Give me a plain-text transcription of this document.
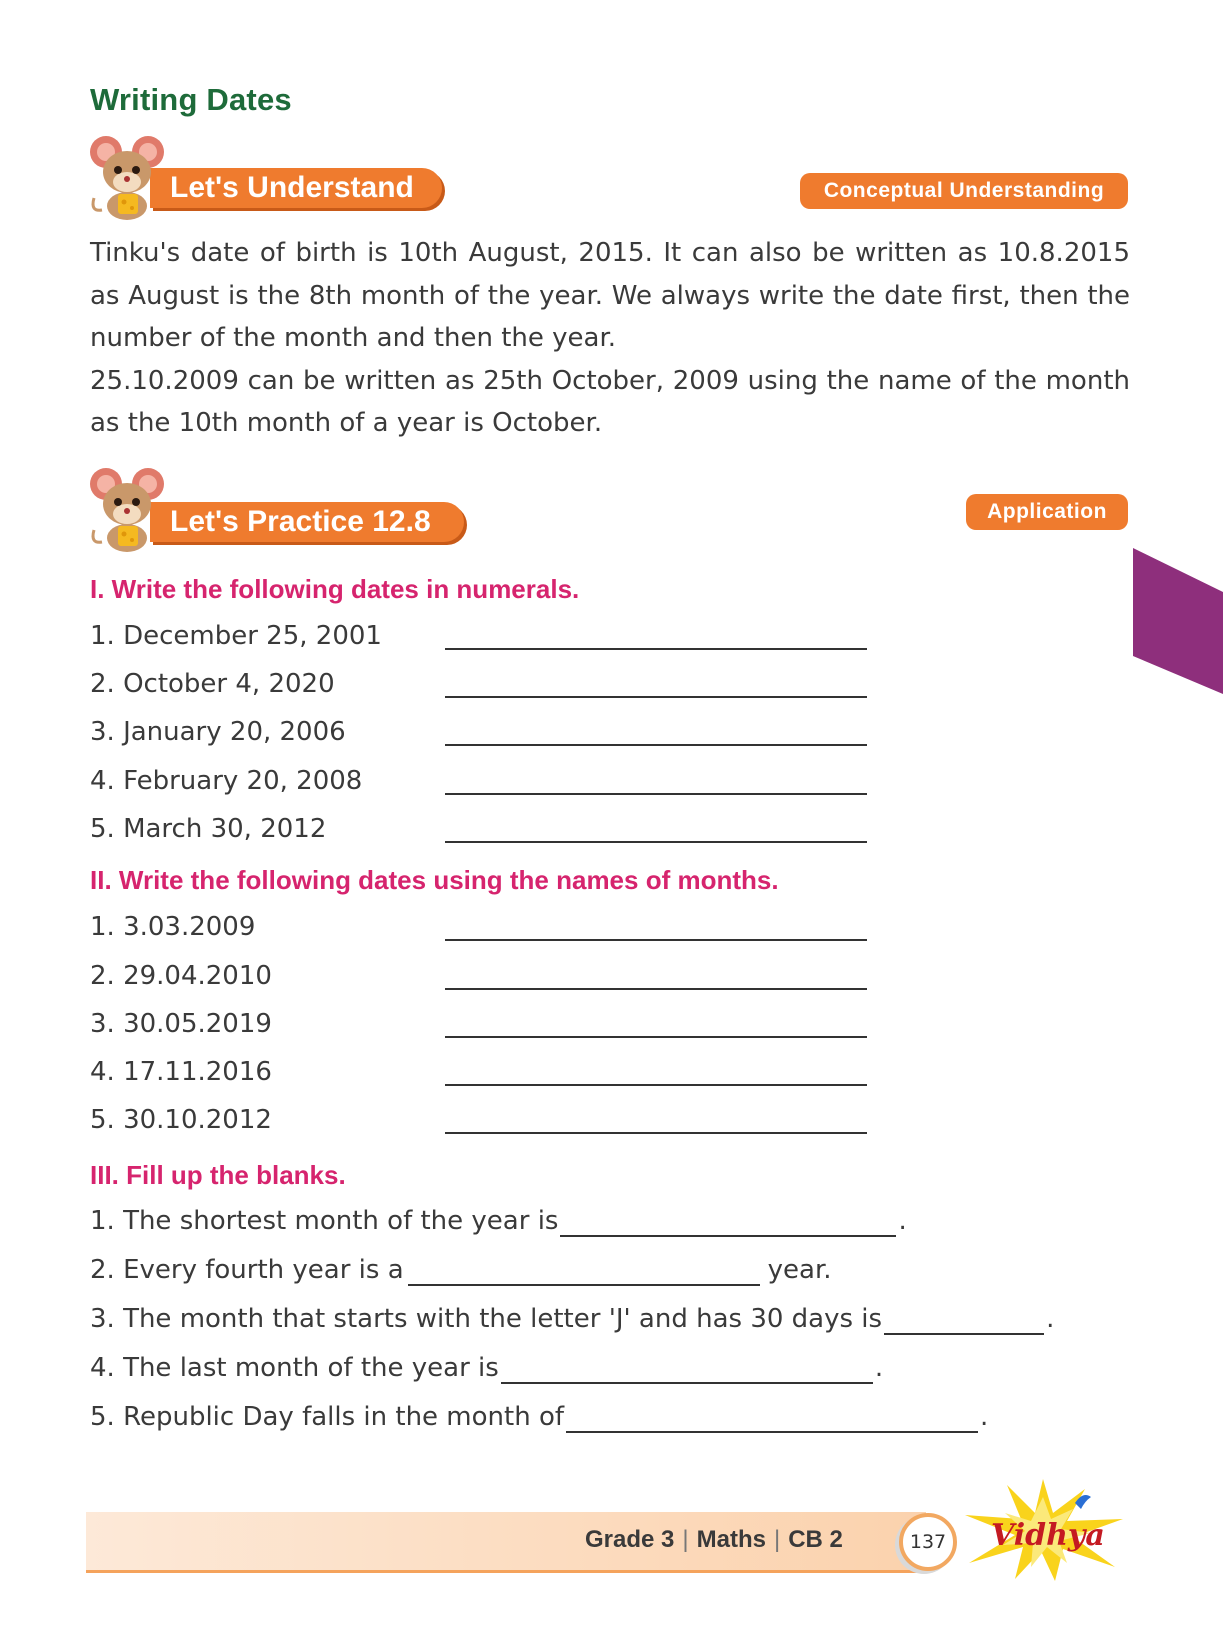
Writing Dates
Let's Understand	Conceptual Understanding

Tinku's date of birth is 10th August, 2015. It can also be written as 10.8.2015 as August is the 8th month of the year. We always write the date first, then the number of the month and then the year.

25.10.2009 can be written as 25th October, 2009 using the name of the month as the 10th month of a year is October.

Let's Practice 12.8	Application
I. Write the following dates in numerals.
1. December 25, 2001
2. October 4, 2020
3. January 20, 2006
4. February 20, 2008
5. March 30, 2012
II. Write the following dates using the names of months.
1. 3.03.2009
2. 29.04.2010
3. 30.05.2019
4. 17.11.2016
5. 30.10.2012
III. Fill up the blanks.
1. The shortest month of the year is	.
2. Every fourth year is a	year.
3. The month that starts with the letter 'J' and has 30 days is	.
4. The last month of the year is	.
5. Republic Day falls in the month of	.
Grade 3 | Maths | CB 2	137	Vidhya
